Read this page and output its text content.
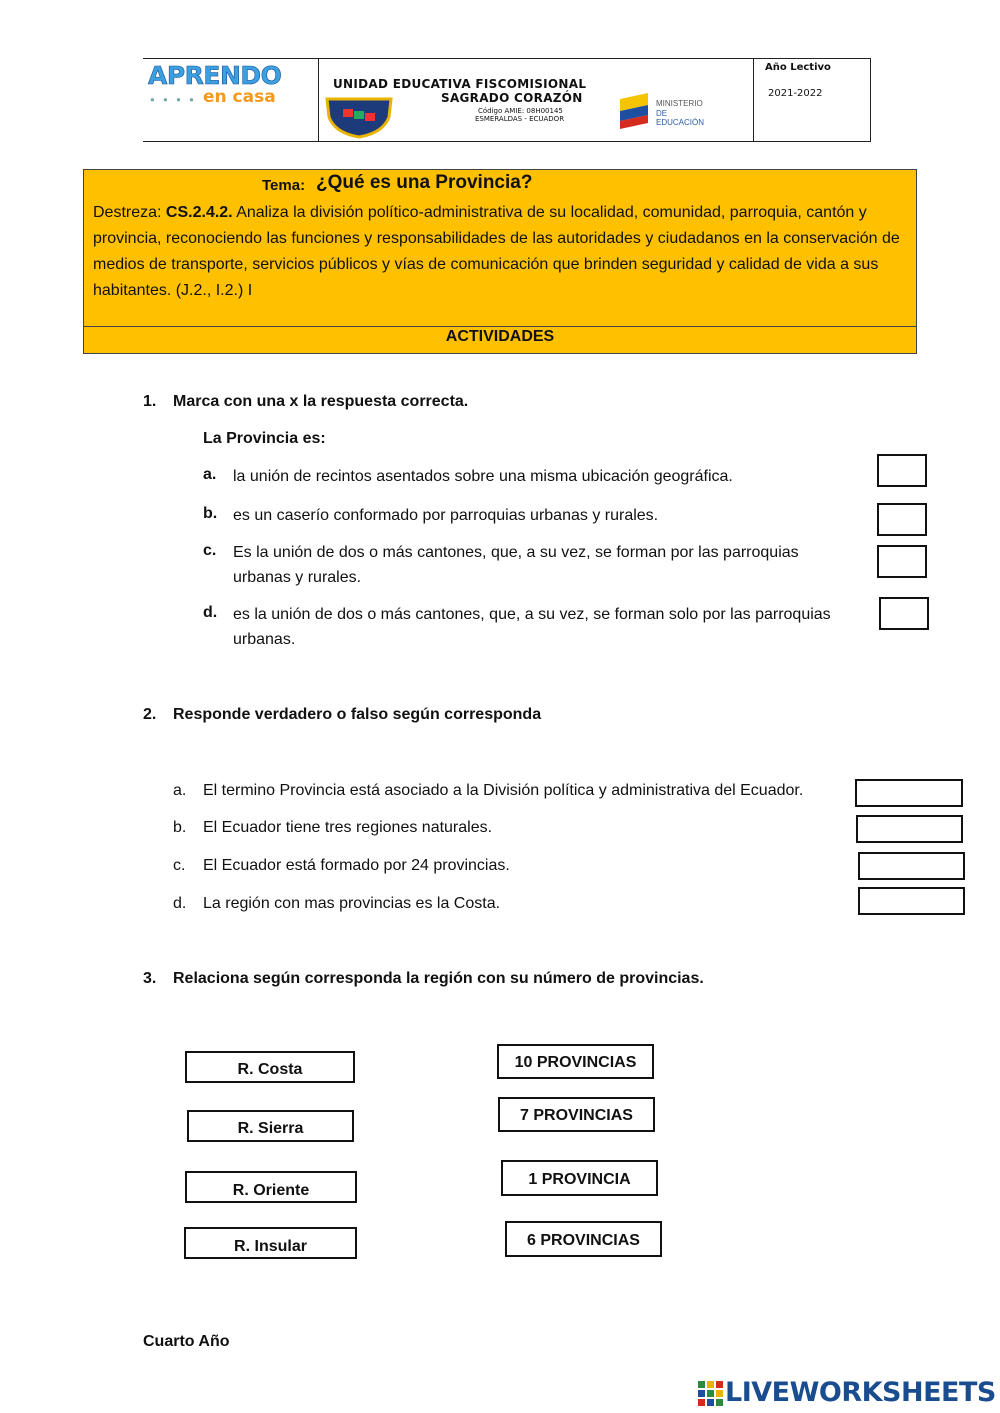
APRENDO
● ● ● ● en casa
UNIDAD EDUCATIVA FISCOMISIONAL
SAGRADO CORAZÓN
Código AMIE: 08H00145
ESMERALDAS - ECUADOR
MINISTERIO
DE EDUCACIÓN
Año Lectivo
2021-2022
Tema: ¿Qué es una Provincia?
Destreza: CS.2.4.2. Analiza la división político-administrativa de su localidad, comunidad, parroquia, cantón y provincia, reconociendo las funciones y responsabilidades de las autoridades y ciudadanos en la conservación de medios de transporte, servicios públicos y vías de comunicación que brinden seguridad y calidad de vida a sus habitantes. (J.2., I.2.) I
ACTIVIDADES
1. Marca con una x la respuesta correcta.
La Provincia es:
a. la unión de recintos asentados sobre una misma ubicación geográfica.
b. es un caserío conformado por parroquias urbanas y rurales.
c. Es la unión de dos o más cantones, que, a su vez, se forman por las parroquias urbanas y rurales.
d. es la unión de dos o más cantones, que, a su vez, se forman solo por las parroquias urbanas.
2. Responde verdadero o falso según corresponda
a. El termino Provincia está asociado a la División política y administrativa del Ecuador.
b. El Ecuador tiene tres regiones naturales.
c. El Ecuador está formado por 24 provincias.
d. La región con mas provincias es la Costa.
3. Relaciona según corresponda la región con su número de provincias.
R. Costa
R. Sierra
R. Oriente
R. Insular
10 PROVINCIAS
7 PROVINCIAS
1 PROVINCIA
6 PROVINCIAS
Cuarto Año
LIVEWORKSHEETS
